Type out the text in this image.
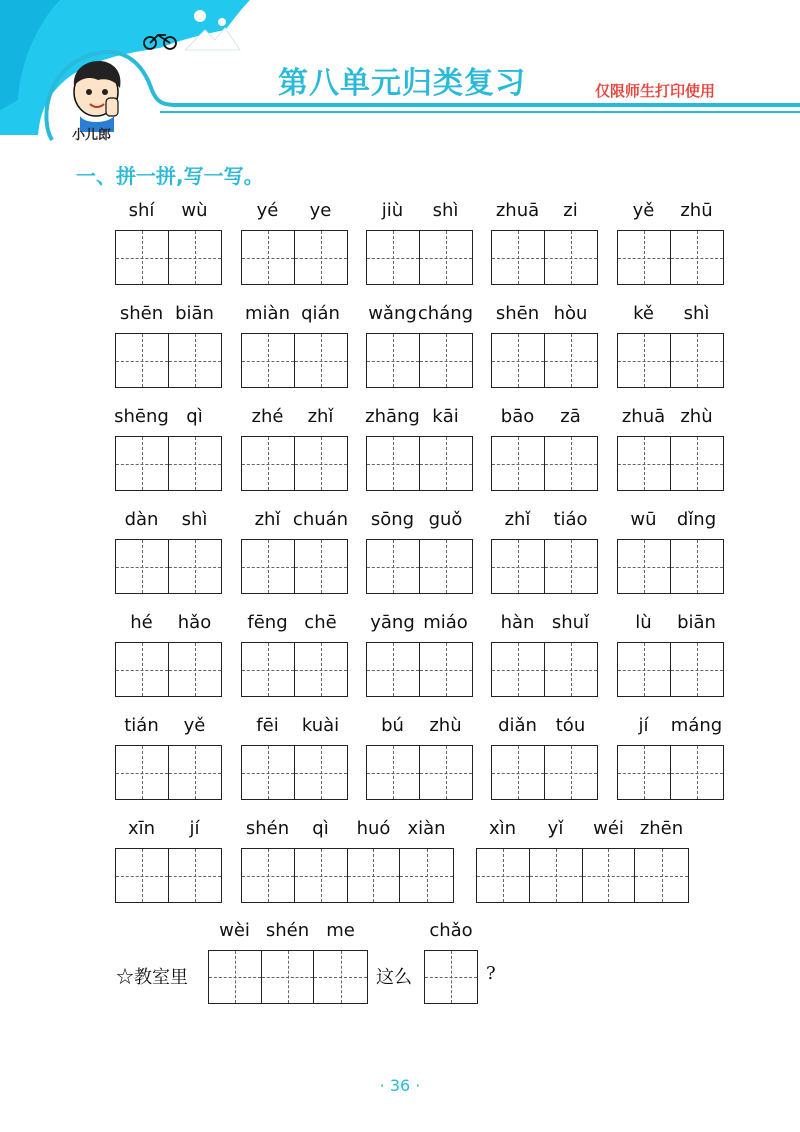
小儿郎
第八单元归类复习	仅限师生打印使用
一、拼一拼,写一写。
shí	wù	yé	ye	jiù	shì	zhuā	zi	yě	zhū
shēn biān	miàn qián	wǎng cháng	shēn hòu	kě	shì
shēng qì	zhé	zhǐ	zhāng kāi	bāo	zā	zhuā zhù
dàn	shì	zhǐ chuán	sōng guǒ	zhǐ	tiáo	wū	dǐng
hé	hǎo	fēng chē	yāng miáo	hàn shuǐ	lù	biān
tián	yě	fēi	kuài	bú	zhù	diǎn	tóu	jí	máng
xīn	jí	shén	qì	huó xiàn	xìn	yǐ	wéi zhēn
☆教室里
wèi shén me
这么
chǎo
?
· 36 ·
